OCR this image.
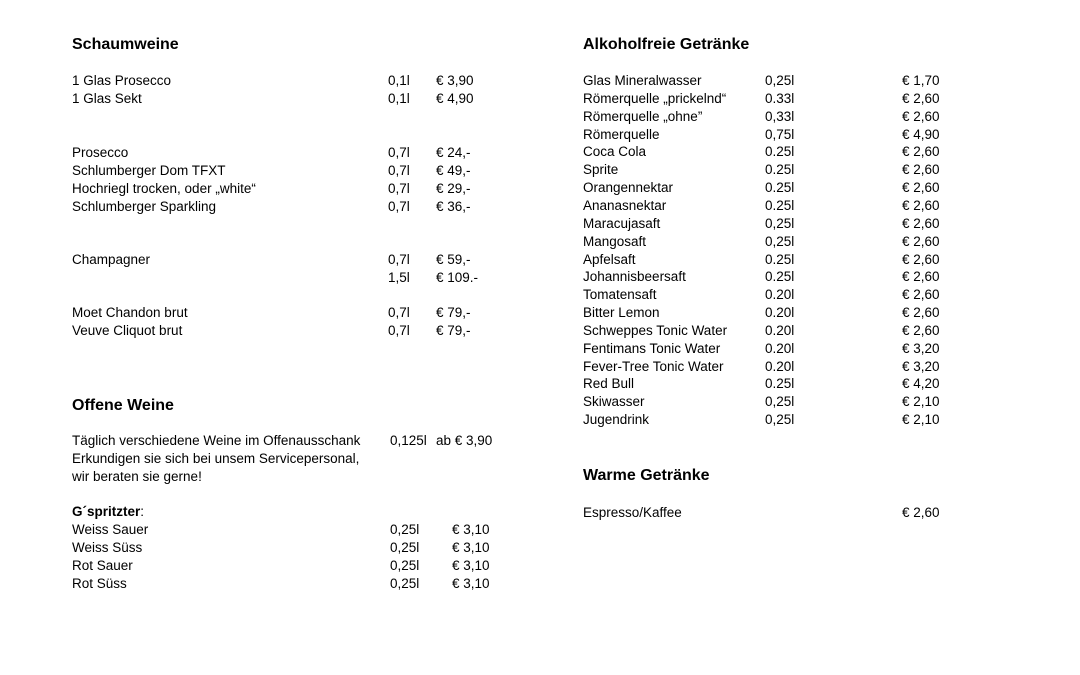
Schaumweine
1 Glas Prosecco	0,1l € 3,90
1 Glas Sekt	0,1l € 4,90
Prosecco	0,7l € 24,-
Schlumberger Dom TFXT	0,7l € 49,-
Hochriegl trocken, oder „white“	0,7l € 29,-
Schlumberger Sparkling	0,7l € 36,-
Champagner	0,7l € 59,-
1,5l € 109.-
Moet Chandon brut	0,7l € 79,-
Veuve Cliquot brut	0,7l € 79,-
Offene Weine
Täglich verschiedene Weine im Offenausschank 0,125l ab € 3,90
Erkundigen sie sich bei unsem Servicepersonal,
wir beraten sie gerne!
G´spritzter:
Weiss Sauer	0,25l € 3,10
Weiss Süss	0,25l € 3,10
Rot Sauer	0,25l € 3,10
Rot Süss	0,25l € 3,10
Alkoholfreie Getränke
Glas Mineralwasser	0,25l	€ 1,70
Römerquelle „prickelnd“	0.33l	€ 2,60
Römerquelle „ohne”	0,33l	€ 2,60
Römerquelle	0,75l	€ 4,90
Coca Cola	0.25l	€ 2,60
Sprite	0.25l	€ 2,60
Orangennektar	0.25l	€ 2,60
Ananasnektar	0.25l	€ 2,60
Maracujasaft	0,25l	€ 2,60
Mangosaft	0,25l	€ 2,60
Apfelsaft	0.25l	€ 2,60
Johannisbeersaft	0.25l	€ 2,60
Tomatensaft	0.20l	€ 2,60
Bitter Lemon	0.20l	€ 2,60
Schweppes Tonic Water	0.20l	€ 2,60
Fentimans Tonic Water	0.20l	€ 3,20
Fever-Tree Tonic Water	0.20l	€ 3,20
Red Bull	0.25l	€ 4,20
Skiwasser	0,25l	€ 2,10
Jugendrink	0,25l	€ 2,10
Warme Getränke
Espresso/Kaffee	€ 2,60
